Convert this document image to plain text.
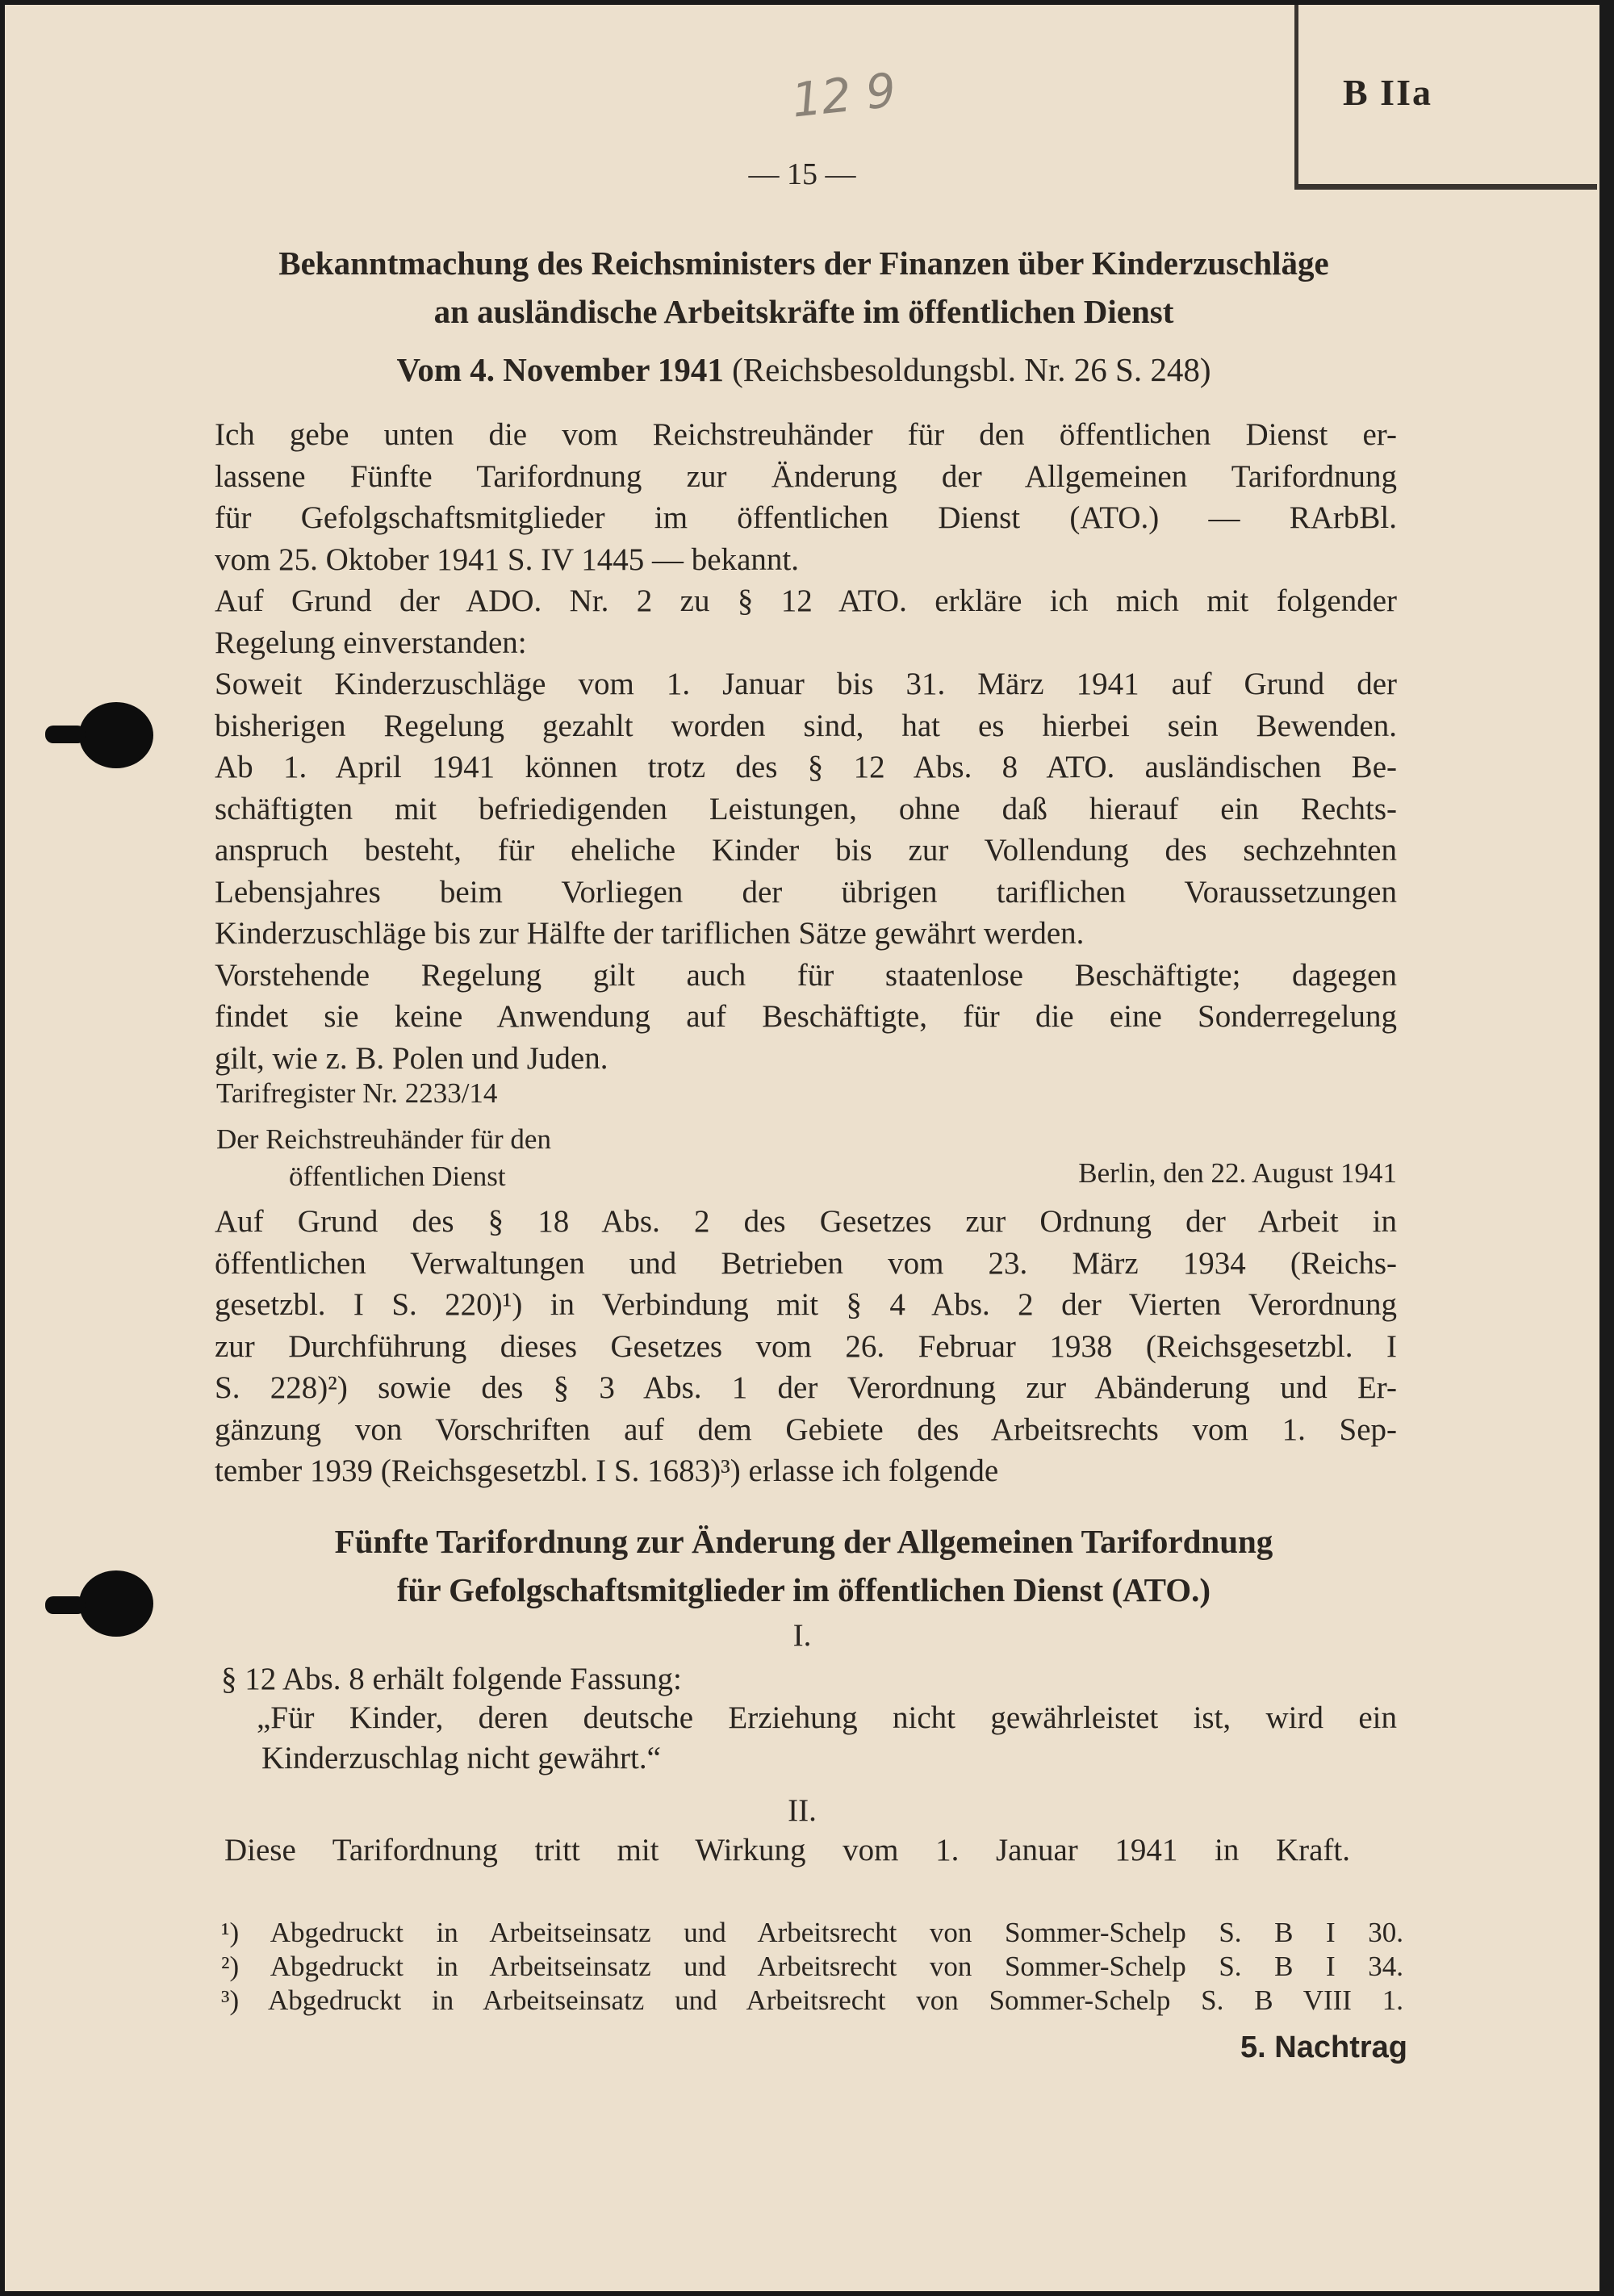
B IIa
12 9
— 15 —
Bekanntmachung des Reichsministers der Finanzen über Kinderzuschläge
an ausländische Arbeitskräfte im öffentlichen Dienst
Vom 4. November 1941 (Reichsbesoldungsbl. Nr. 26 S. 248)
Ich gebe unten die vom Reichstreuhänder für den öffentlichen Dienst er-
lassene Fünfte Tarifordnung zur Änderung der Allgemeinen Tarifordnung
für Gefolgschaftsmitglieder im öffentlichen Dienst (ATO.) — RArbBl.
vom 25. Oktober 1941 S. IV 1445 — bekannt.
Auf Grund der ADO. Nr. 2 zu § 12 ATO. erkläre ich mich mit folgender
Regelung einverstanden:
Soweit Kinderzuschläge vom 1. Januar bis 31. März 1941 auf Grund der
bisherigen Regelung gezahlt worden sind, hat es hierbei sein Bewenden.
Ab 1. April 1941 können trotz des § 12 Abs. 8 ATO. ausländischen Be-
schäftigten mit befriedigenden Leistungen, ohne daß hierauf ein Rechts-
anspruch besteht, für eheliche Kinder bis zur Vollendung des sechzehnten
Lebensjahres beim Vorliegen der übrigen tariflichen Voraussetzungen
Kinderzuschläge bis zur Hälfte der tariflichen Sätze gewährt werden.
Vorstehende Regelung gilt auch für staatenlose Beschäftigte; dagegen
findet sie keine Anwendung auf Beschäftigte, für die eine Sonderregelung
gilt, wie z. B. Polen und Juden.
Tarifregister Nr. 2233/14
Der Reichstreuhänder für den
öffentlichen Dienst	Berlin, den 22. August 1941
Auf Grund des § 18 Abs. 2 des Gesetzes zur Ordnung der Arbeit in
öffentlichen Verwaltungen und Betrieben vom 23. März 1934 (Reichs-
gesetzbl. I S. 220)¹) in Verbindung mit § 4 Abs. 2 der Vierten Verordnung
zur Durchführung dieses Gesetzes vom 26. Februar 1938 (Reichsgesetzbl. I
S. 228)²) sowie des § 3 Abs. 1 der Verordnung zur Abänderung und Er-
gänzung von Vorschriften auf dem Gebiete des Arbeitsrechts vom 1. Sep-
tember 1939 (Reichsgesetzbl. I S. 1683)³) erlasse ich folgende
Fünfte Tarifordnung zur Änderung der Allgemeinen Tarifordnung
für Gefolgschaftsmitglieder im öffentlichen Dienst (ATO.)
I.
§ 12 Abs. 8 erhält folgende Fassung:
„Für Kinder, deren deutsche Erziehung nicht gewährleistet ist, wird ein
Kinderzuschlag nicht gewährt.“
II.
Diese Tarifordnung tritt mit Wirkung vom 1. Januar 1941 in Kraft.
¹) Abgedruckt in Arbeitseinsatz und Arbeitsrecht von Sommer-Schelp S. B I 30.
²) Abgedruckt in Arbeitseinsatz und Arbeitsrecht von Sommer-Schelp S. B I 34.
³) Abgedruckt in Arbeitseinsatz und Arbeitsrecht von Sommer-Schelp S. B VIII 1.
5. Nachtrag
